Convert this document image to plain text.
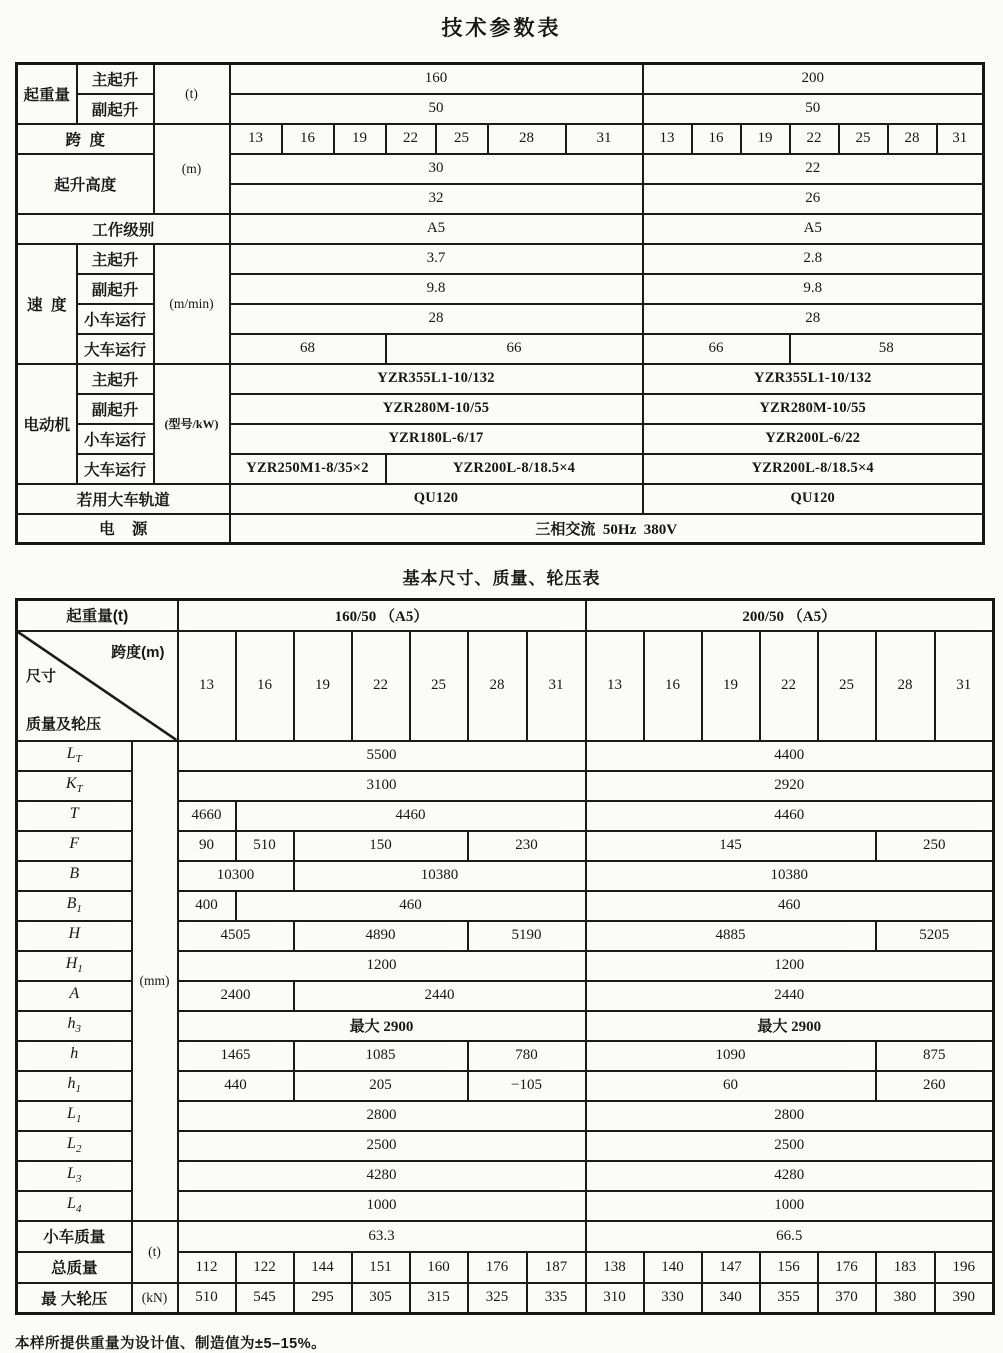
技术参数表
起重量	主起升	(t)	160							200						
	副起升		50							50						
跨  度		(m)	13	16	19	22	25	28	31	13	16	19	22	25	28	31
起升高度			30							22						
			32							26						
工作级别			A5							A5						
速  度	主起升	(m/min)	3.7							2.8						
	副起升		9.8							9.8						
	小车运行		28							28						
	大车运行		68			66				66			58			
电动机	主起升	(型号/kW)	YZR355L1-10/132							YZR355L1-10/132						
	副起升		YZR280M-10/55							YZR280M-10/55						
	小车运行		YZR180L-6/17							YZR200L-6/22						
	大车运行		YZR250M1-8/35×2			YZR200L-8/18.5×4				YZR200L-8/18.5×4						
若用大车轨道			QU120							QU120						
电    源			三相交流  50Hz  380V													
基本尺寸、质量、轮压表
起重量(t)		160/50 （A5）							200/50 （A5）						

跨度(m)

尺寸

质量及轮压		13	16	19	22	25	28	31	13	16	19	22	25	28	31
$L_T$	(mm)	5500							4400						
$K_T$		3100							2920						
T		4660	4460						4460						
F		90	510	150			230		145					250	
B		10300		10380					10380						
$B_1$		400	460						460						
H		4505		4890			5190		4885					5205	
$H_1$		1200							1200						
A		2400		2440					2440						
$h_3$		最大 2900							最大 2900						
h		1465		1085			780		1090					875	
$h_1$		440		205			−105		60					260	
$L_1$		2800							2800						
$L_2$		2500							2500						
$L_3$		4280							4280						
$L_4$		1000							1000						
小车质量	(t)	63.3							66.5						
总质量		112	122	144	151	160	176	187	138	140	147	156	176	183	196
最 大轮压	(kN)	510	545	295	305	315	325	335	310	330	340	355	370	380	390
本样所提供重量为设计值、制造值为±5–15%。
